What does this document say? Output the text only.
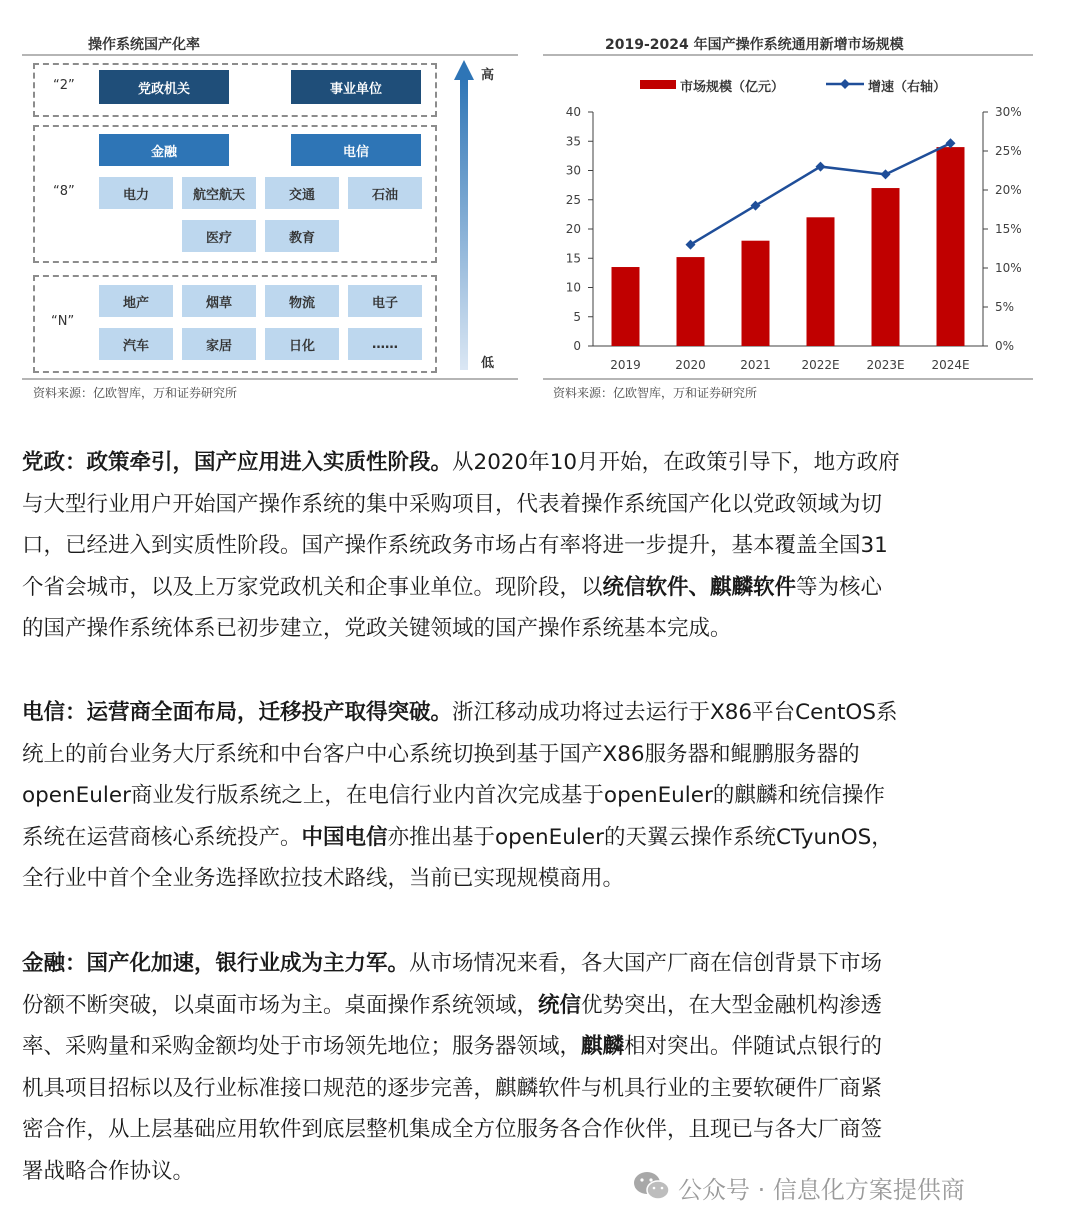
操作系统国产化率
“2”	党政机关	事业单位
“8”
金融	电信
电力	航空航天	交通	石油
医疗	教育
“N”
地产	烟草	物流	电子
汽车	家居	日化	……
高
低
资料来源：亿欧智库，万和证券研究所
2019-2024 年国产操作系统通用新增市场规模
市场规模（亿元）	增速（右轴）
0
5
10
15
20
25
30
35
40
0%
5%
10%
15%
20%
25%
30%
2019	2020	2021	2022E 2023E 2024E
资料来源：亿欧智库，万和证券研究所
党政：政策牵引，国产应用进入实质性阶段。从2020年10月开始，在政策引导下，地方政府
与大型行业用户开始国产操作系统的集中采购项目，代表着操作系统国产化以党政领域为切
口，已经进入到实质性阶段。国产操作系统政务市场占有率将进一步提升，基本覆盖全国31
个省会城市，以及上万家党政机关和企事业单位。现阶段，以统信软件、麒麟软件等为核心
的国产操作系统体系已初步建立，党政关键领域的国产操作系统基本完成。
电信：运营商全面布局，迁移投产取得突破。浙江移动成功将过去运行于X86平台CentOS系
统上的前台业务大厅系统和中台客户中心系统切换到基于国产X86服务器和鲲鹏服务器的
openEuler商业发行版系统之上，在电信行业内首次完成基于openEuler的麒麟和统信操作
系统在运营商核心系统投产。中国电信亦推出基于openEuler的天翼云操作系统CTyunOS，
全行业中首个全业务选择欧拉技术路线，当前已实现规模商用。
金融：国产化加速，银行业成为主力军。从市场情况来看，各大国产厂商在信创背景下市场
份额不断突破，以桌面市场为主。桌面操作系统领域，统信优势突出，在大型金融机构渗透
率、采购量和采购金额均处于市场领先地位；服务器领域，麒麟相对突出。伴随试点银行的
机具项目招标以及行业标准接口规范的逐步完善，麒麟软件与机具行业的主要软硬件厂商紧
密合作，从上层基础应用软件到底层整机集成全方位服务各合作伙伴，且现已与各大厂商签
署战略合作协议。
公众号 · 信息化方案提供商
